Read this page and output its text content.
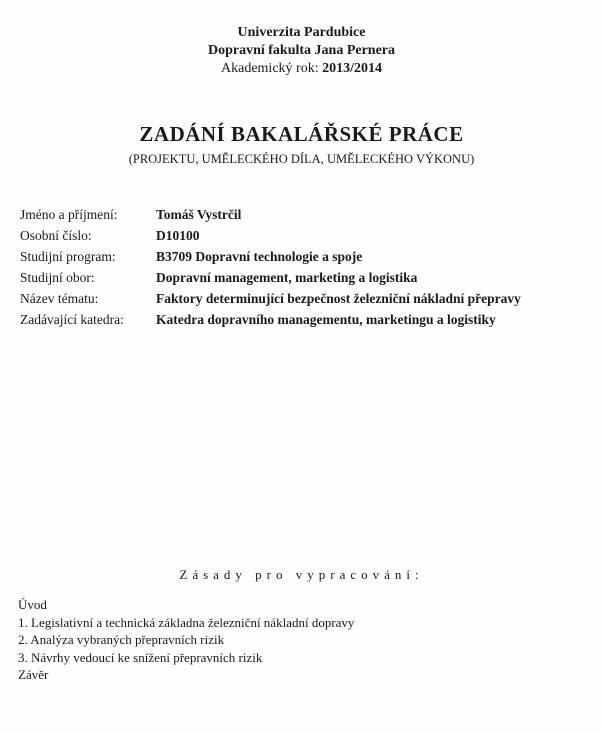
Univerzita Pardubice
Dopravní fakulta Jana Pernera
Akademický rok: 2013/2014
ZADÁNÍ BAKALÁŘSKÉ PRÁCE
(PROJEKTU, UMĚLECKÉHO DÍLA, UMĚLECKÉHO VÝKONU)
Jméno a příjmení:	Tomáš Vystrčil
Osobní číslo:	D10100
Studijní program:	B3709 Dopravní technologie a spoje
Studijní obor:	Dopravní management, marketing a logistika
Název tématu:	Faktory determinující bezpečnost železniční nákladní přepravy
Zadávající katedra:	Katedra dopravního managementu, marketingu a logistiky
Zásady pro vypracování:
Úvod
1. Legislativní a technická základna železniční nákladní dopravy
2. Analýza vybraných přepravních rizik
3. Návrhy vedoucí ke snížení přepravních rizik
Závěr
